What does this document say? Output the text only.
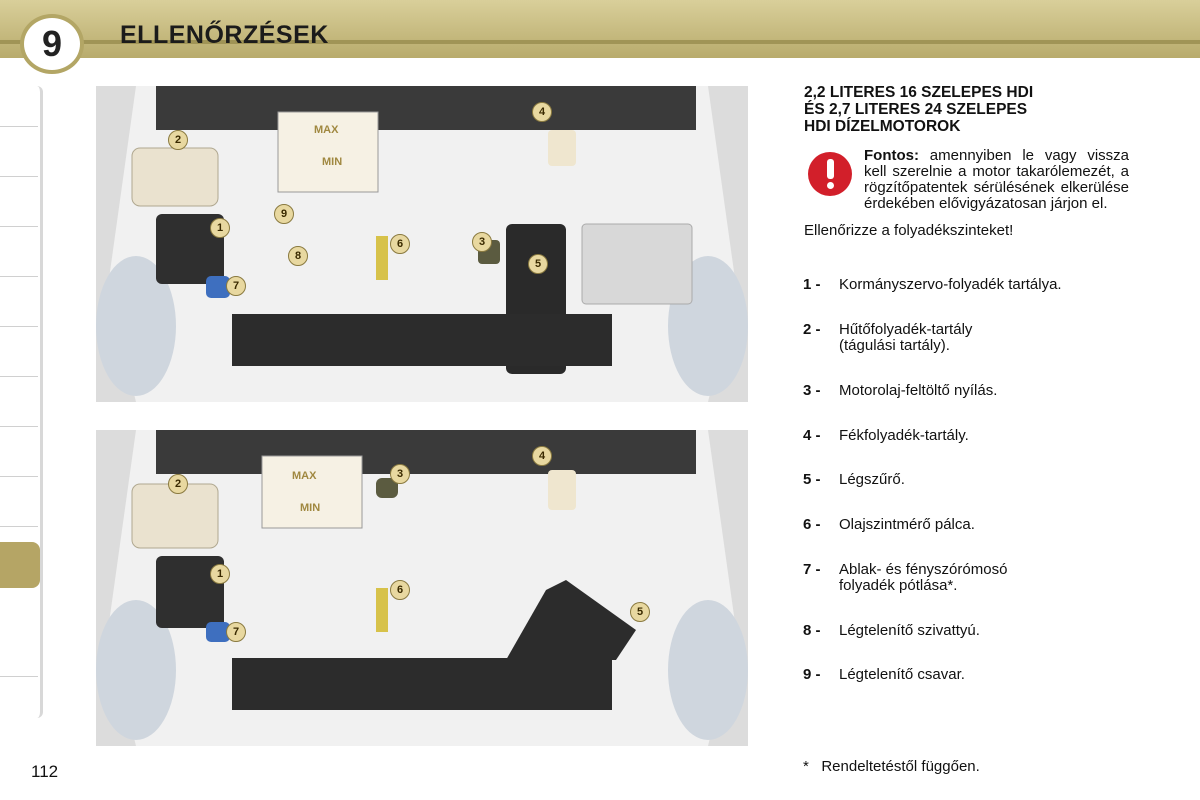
9	ELLENŐRZÉSEK
MAX
MIN
2
1
7
9
8
6	3
5
4
MAX
MIN
2
1
7
3
6
5
4
2,2 LITERES 16 SZELEPES HDI
ÉS 2,7 LITERES 24 SZELEPES
HDI DÍZELMOTOROK

Fontos: amennyiben le vagy vissza kell szerelnie a motor takarólemezét, a rögzítőpatentek sérülésének elkerülése érdekében elővigyázatosan járjon el.

Ellenőrizze a folyadékszinteket!
1 -	Kormányszervo-folyadék tartálya.
2 -	Hűtőfolyadék-tartály (tágulási tartály).
3 -	Motorolaj-feltöltő nyílás.
4 -	Fékfolyadék-tartály.
5 -	Légszűrő.
6 -	Olajszintmérő pálca.
7 -	Ablak- és fényszórómosó folyadék pótlása*.
8 -	Légtelenítő szivattyú.
9 -	Légtelenítő csavar.
*   Rendeltetéstől függően.
112
